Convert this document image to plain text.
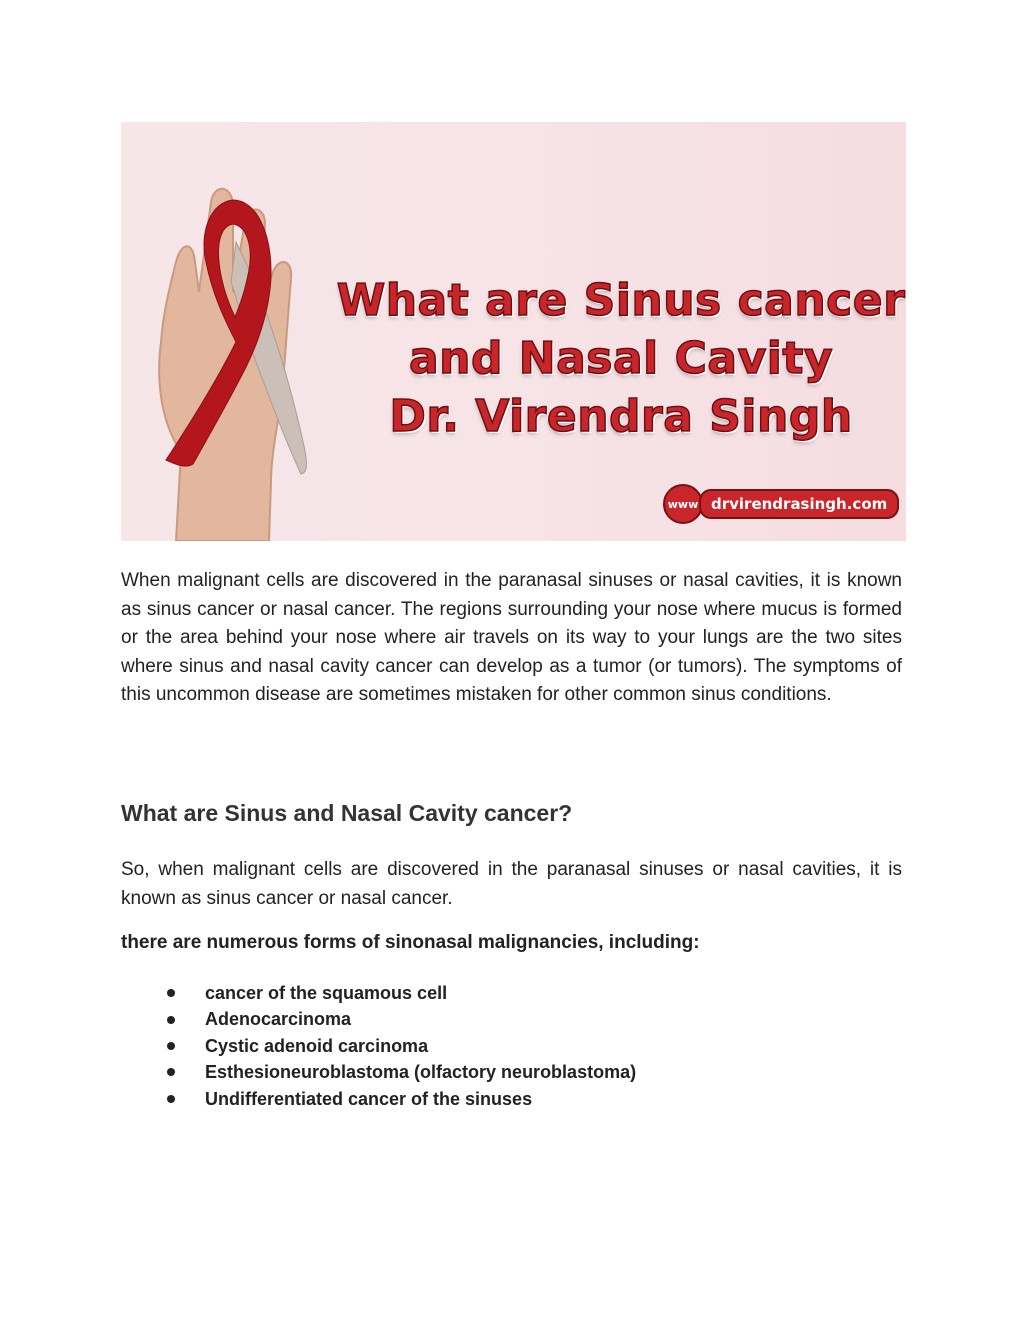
What are Sinus cancer
and Nasal Cavity
Dr. Virendra Singh
www drvirendrasingh.com

When malignant cells are discovered in the paranasal sinuses or nasal cavities, it is known as sinus cancer or nasal cancer. The regions surrounding your nose where mucus is formed or the area behind your nose where air travels on its way to your lungs are the two sites where sinus and nasal cavity cancer can develop as a tumor (or tumors). The symptoms of this uncommon disease are sometimes mistaken for other common sinus conditions.

What are Sinus and Nasal Cavity cancer?

So, when malignant cells are discovered in the paranasal sinuses or nasal cavities, it is known as sinus cancer or nasal cancer.

there are numerous forms of sinonasal malignancies, including:

cancer of the squamous cell
Adenocarcinoma
Cystic adenoid carcinoma
Esthesioneuroblastoma (olfactory neuroblastoma)
Undifferentiated cancer of the sinuses
